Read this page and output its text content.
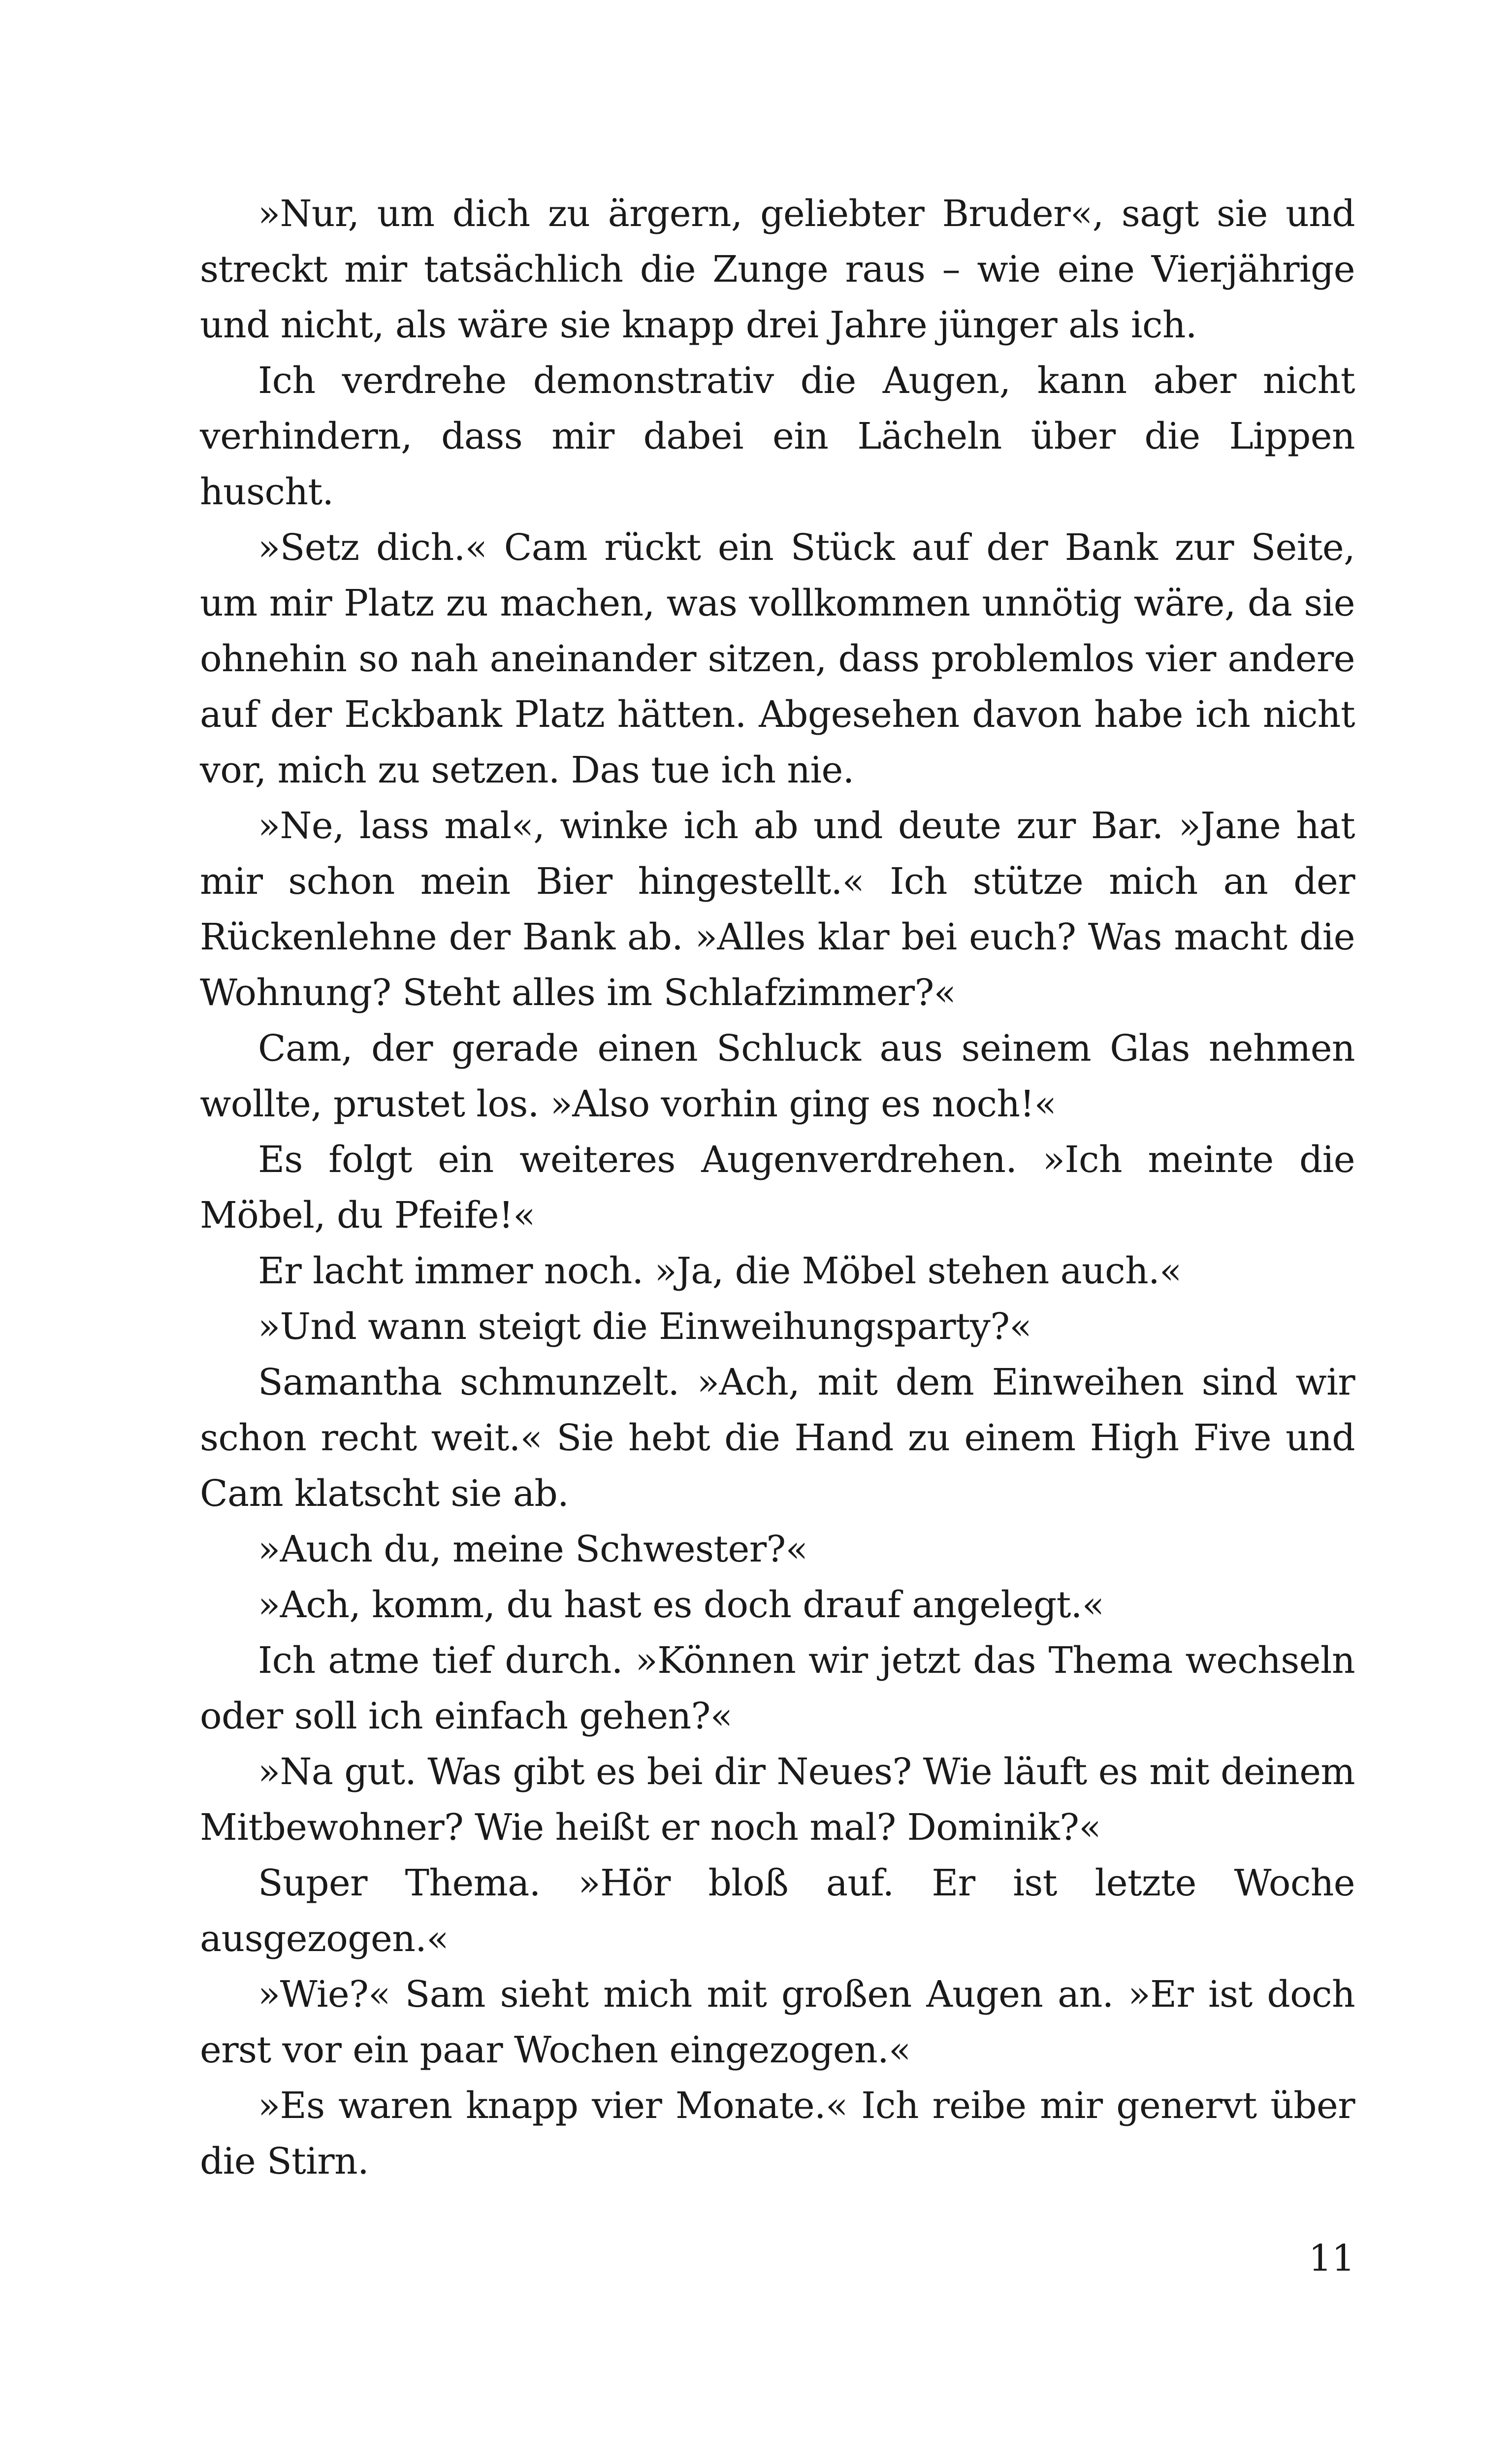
»Nur, um dich zu ärgern, geliebter Bruder«, sagt sie und streckt mir tatsächlich die Zunge raus – wie eine Vierjährige und nicht, als wäre sie knapp drei Jahre jünger als ich.

Ich verdrehe demonstrativ die Augen, kann aber nicht verhindern, dass mir dabei ein Lächeln über die Lippen huscht.

»Setz dich.« Cam rückt ein Stück auf der Bank zur Seite, um mir Platz zu machen, was vollkommen unnötig wäre, da sie ohnehin so nah aneinander sitzen, dass problemlos vier andere auf der Eckbank Platz hätten. Abgesehen davon habe ich nicht vor, mich zu setzen. Das tue ich nie.

»Ne, lass mal«, winke ich ab und deute zur Bar. »Jane hat mir schon mein Bier hingestellt.« Ich stütze mich an der Rückenlehne der Bank ab. »Alles klar bei euch? Was macht die Wohnung? Steht alles im Schlafzimmer?«

Cam, der gerade einen Schluck aus seinem Glas nehmen wollte, prustet los. »Also vorhin ging es noch!«

Es folgt ein weiteres Augenverdrehen. »Ich meinte die Möbel, du Pfeife!«

Er lacht immer noch. »Ja, die Möbel stehen auch.«

»Und wann steigt die Einweihungsparty?«

Samantha schmunzelt. »Ach, mit dem Einweihen sind wir schon recht weit.« Sie hebt die Hand zu einem High Five und Cam klatscht sie ab.

»Auch du, meine Schwester?«

»Ach, komm, du hast es doch drauf angelegt.«

Ich atme tief durch. »Können wir jetzt das Thema wechseln oder soll ich einfach gehen?«

»Na gut. Was gibt es bei dir Neues? Wie läuft es mit deinem Mitbewohner? Wie heißt er noch mal? Dominik?«

Super Thema. »Hör bloß auf. Er ist letzte Woche ausgezogen.«

»Wie?« Sam sieht mich mit großen Augen an. »Er ist doch erst vor ein paar Wochen eingezogen.«

»Es waren knapp vier Monate.« Ich reibe mir genervt über die Stirn.

11
